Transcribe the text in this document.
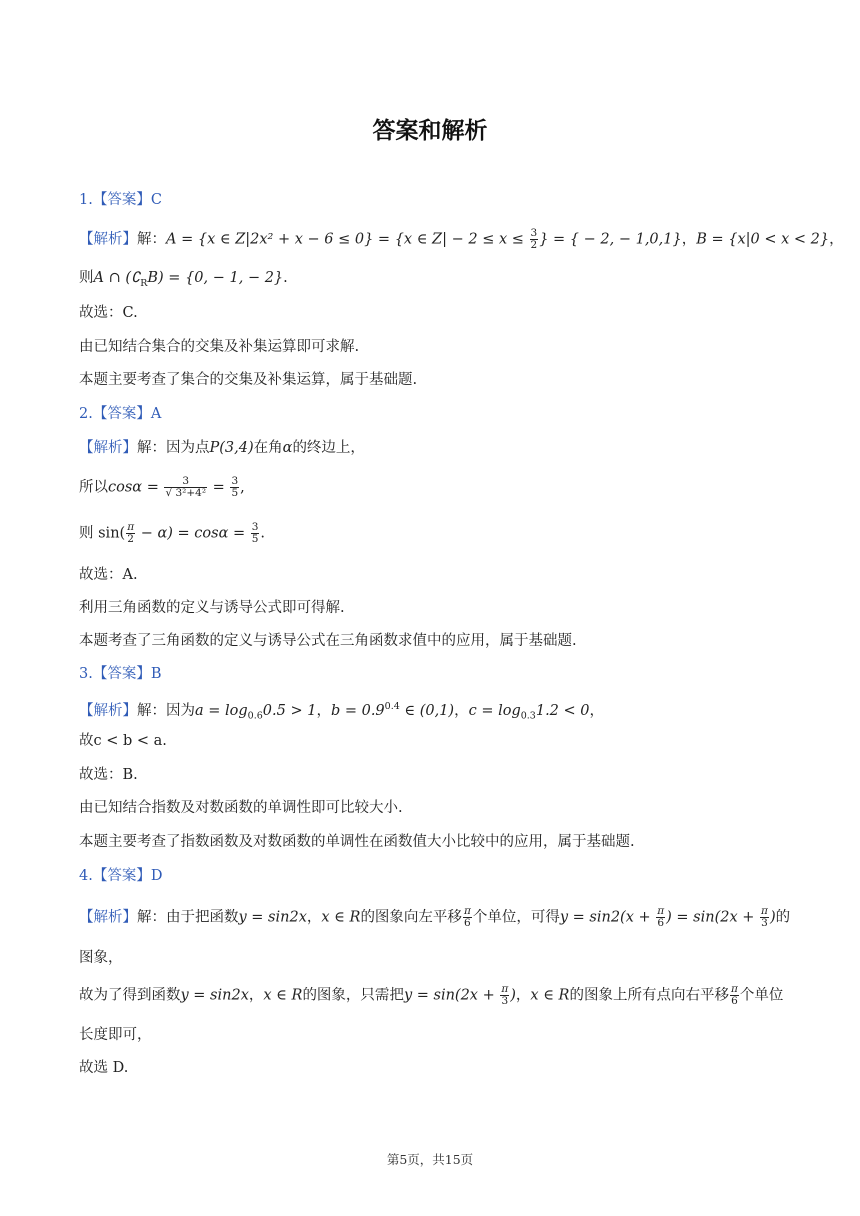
答案和解析
1.【答案】C
【解析】解：A = {x ∈ Z|2x² + x − 6 ≤ 0} = {x ∈ $Z| - 2 \le x \le \frac{3}{2}$ } = { − 2, − 1,0,1}，B = {x|0 < x < 2}，
则A ∩ $(∁_RB) = \{0$, − 1, − 2}.
故选：C.
由已知结合集合的交集及补集运算即可求解.
本题主要考查了集合的交集及补集运算，属于基础题.
2.【答案】A
【解析】解：因为点P(3,4)在角α的终边上，
所以$\cos\alpha = \frac{3}{\text{√ 3²+4²}} = \frac{3}{5}$ ,
则 $\sin( \frac{\pi}{2} - \alpha) = \cos\alpha = \frac{3}{5}$ .
故选：A.
利用三角函数的定义与诱导公式即可得解.
本题考查了三角函数的定义与诱导公式在三角函数求值中的应用，属于基础题.
3.【答案】B
【解析】解：因为$a = \log_{0.6}0.5 > 1$，$b = 0.9^{0.4}$ ∈ (0,1)，$c = \log_{0.3}1.2 < 0$，
故c < b < a.
故选：B.
由已知结合指数及对数函数的单调性即可比较大小.
本题主要考查了指数函数及对数函数的单调性在函数值大小比较中的应用，属于基础题.
4.【答案】D
【解析】解：由于把函数y = sin2x，x ∈ R的图象向左平移 $\frac{\pi}{6}$ 个单位，可得$y = \sin 2(x + \frac{\pi}{6}$ ) = $\sin(2x + \frac{\pi}{3}$ )的
图象，
故为了得到函数y = sin2x，x ∈ R的图象，只需把$y = \sin(2x + \frac{\pi}{3}$ )，x ∈ R的图象上所有点向右平移 $\frac{\pi}{6}$ 个单位
长度即可，
故选 D.
第5页，共15页
